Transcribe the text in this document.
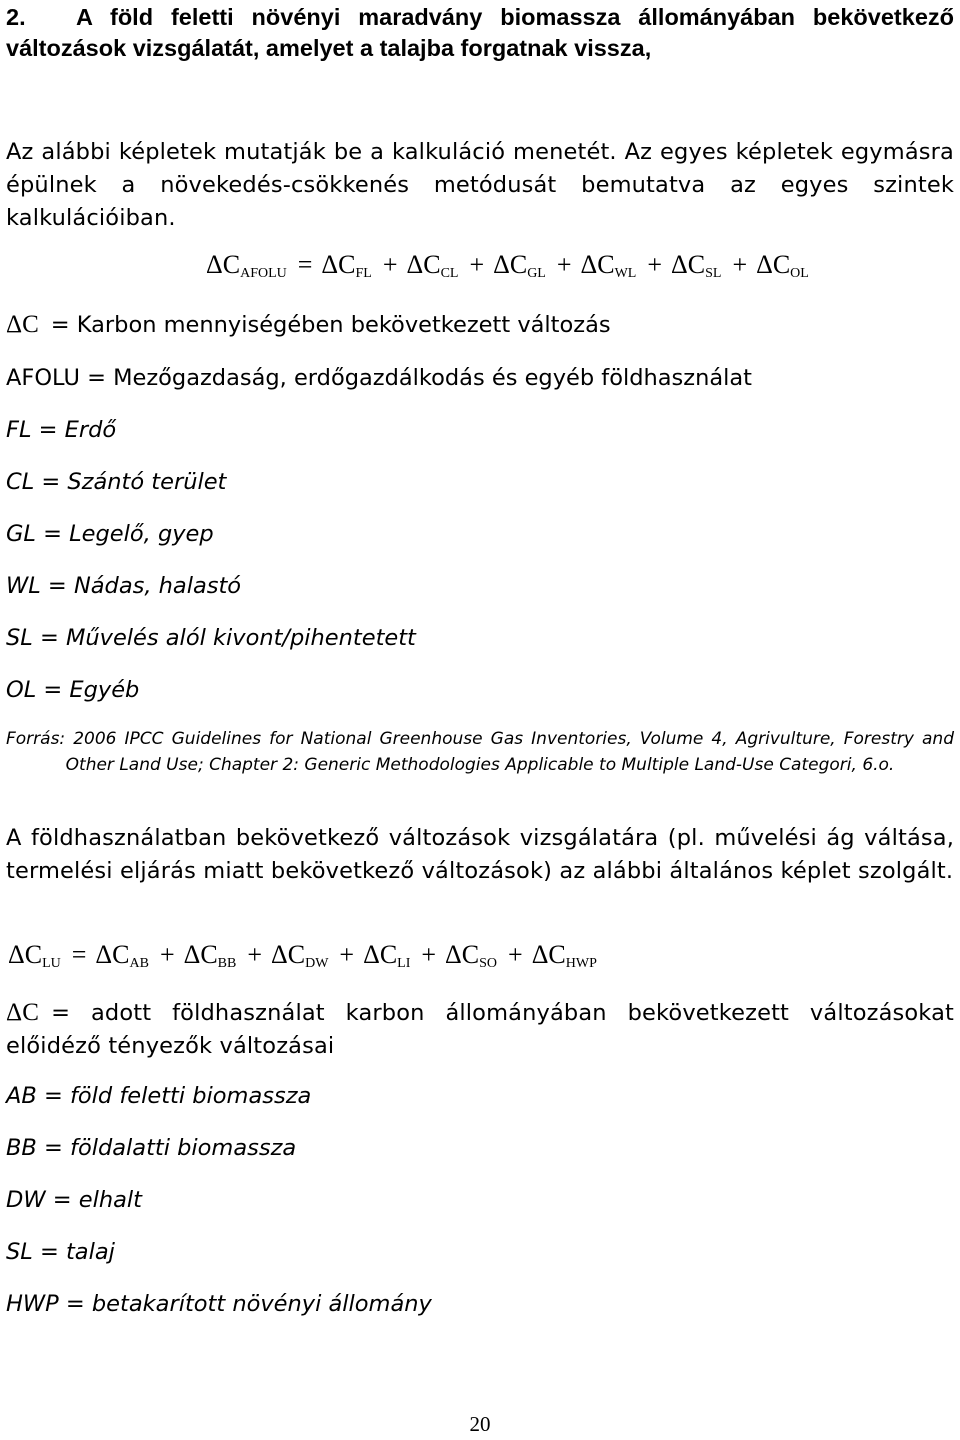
2. A föld feletti növényi maradvány biomassza állományában bekövetkező változások vizsgálatát, amelyet a talajba forgatnak vissza,

Az alábbi képletek mutatják be a kalkuláció menetét. Az egyes képletek egymásra épülnek a növekedés-csökkenés metódusát bemutatva az egyes szintek kalkulációiban.

$\Delta C_{AFOLU} = \Delta C_{FL} + \Delta C_{CL} + \Delta C_{GL} + \Delta C_{WL} + \Delta C_{SL} + \Delta C_{OL}$
ΔC = Karbon mennyiségében bekövetkezett változás
AFOLU = Mezőgazdaság, erdőgazdálkodás és egyéb földhasználat
FL = Erdő
CL = Szántó terület
GL = Legelő, gyep
WL = Nádas, halastó
SL = Művelés alól kivont/pihentetett
OL = Egyéb

Forrás: 2006 IPCC Guidelines for National Greenhouse Gas Inventories, Volume 4, Agrivulture, Forestry and Other Land Use; Chapter 2: Generic Methodologies Applicable to Multiple Land-Use Categori, 6.o.

A földhasználatban bekövetkező változások vizsgálatára (pl. művelési ág váltása, termelési eljárás miatt bekövetkező változások) az alábbi általános képlet szolgált.

$\Delta C_{LU} = \Delta C_{AB} + \Delta C_{BB} + \Delta C_{DW} + \Delta C_{LI} + \Delta C_{SO} + \Delta C_{HWP}$

ΔC = adott földhasználat karbon állományában bekövetkezett változásokat előidéző tényezők változásai

AB = föld feletti biomassza
BB = földalatti biomassza
DW = elhalt
SL = talaj
HWP = betakarított növényi állomány
20
